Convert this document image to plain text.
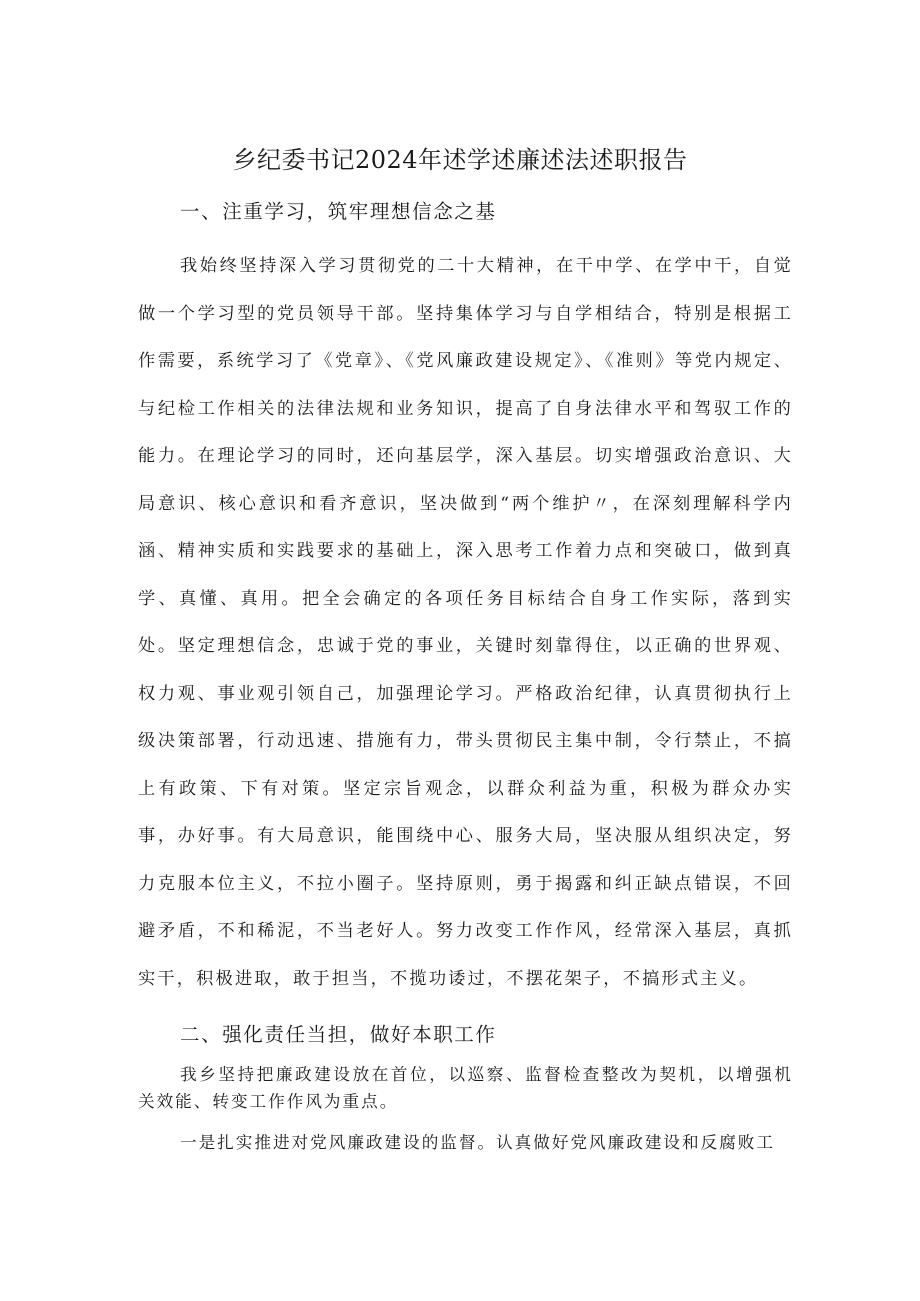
乡纪委书记2024年述学述廉述法述职报告
一、注重学习，筑牢理想信念之基

我始终坚持深入学习贯彻党的二十大精神，在干中学、在学中干，自觉做一个学习型的党员领导干部。坚持集体学习与自学相结合，特别是根据工作需要，系统学习了《党章》、《党风廉政建设规定》、《准则》等党内规定、与纪检工作相关的法律法规和业务知识，提高了自身法律水平和驾驭工作的能力。在理论学习的同时，还向基层学，深入基层。切实增强政治意识、大局意识、核心意识和看齐意识，坚决做到“两个维护〃，在深刻理解科学内涵、精神实质和实践要求的基础上，深入思考工作着力点和突破口，做到真学、真懂、真用。把全会确定的各项任务目标结合自身工作实际，落到实处。坚定理想信念，忠诚于党的事业，关键时刻靠得住，以正确的世界观、权力观、事业观引领自己，加强理论学习。严格政治纪律，认真贯彻执行上级决策部署，行动迅速、措施有力，带头贯彻民主集中制，令行禁止，不搞上有政策、下有对策。坚定宗旨观念，以群众利益为重，积极为群众办实事，办好事。有大局意识，能围绕中心、服务大局，坚决服从组织决定，努力克服本位主义，不拉小圈子。坚持原则，勇于揭露和纠正缺点错误，不回避矛盾，不和稀泥，不当老好人。努力改变工作作风，经常深入基层，真抓实干，积极进取，敢于担当，不揽功诿过，不摆花架子，不搞形式主义。

二、强化责任当担，做好本职工作

我乡坚持把廉政建设放在首位，以巡察、监督检查整改为契机，以增强机关效能、转变工作作风为重点。

一是扎实推进对党风廉政建设的监督。认真做好党风廉政建设和反腐败工
